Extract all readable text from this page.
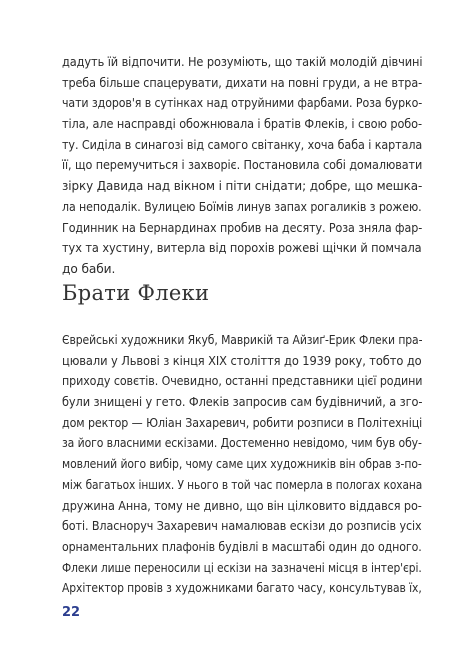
дадуть їй відпочити. Не розуміють, що такій молодій дівчині
треба більше спацерувати, дихати на повні груди, а не втра-
чати здоров'я в сутінках над отруйними фарбами. Роза бурко-
тіла, але насправді обожнювала і братів Флеків, і свою робо-
ту. Сиділа в синагозі від самого світанку, хоча баба і картала
її, що перемучиться і захворіє. Постановила собі домалювати
зірку Давида над вікном і піти снідати; добре, що мешка-
ла неподалік. Вулицею Боїмів линув запах рогаликів з рожею.
Годинник на Бернардинах пробив на десяту. Роза зняла фар-
тух та хустину, витерла від порохів рожеві щічки й помчала
до баби.
Брати Флеки
Єврейські художники Якуб, Маврикій та Айзиґ-Ерик Флеки пра-
цювали у Львові з кінця XIX століття до 1939 року, тобто до
приходу совєтів. Очевидно, останні представники цієї родини
були знищені у гето. Флеків запросив сам будівничий, а зго-
дом ректор — Юліан Захаревич, робити розписи в Політехніці
за його власними ескізами. Достеменно невідомо, чим був обу-
мовлений його вибір, чому саме цих художників він обрав з-по-
між багатьох інших. У нього в той час померла в пологах кохана
дружина Анна, тому не дивно, що він цілковито віддався ро-
боті. Власноруч Захаревич намалював ескізи до розписів усіх
орнаментальних плафонів будівлі в масштабі один до одного.
Флеки лише переносили ці ескізи на зазначені місця в інтер'єрі.
Архітектор провів з художниками багато часу, консультував їх,
22
